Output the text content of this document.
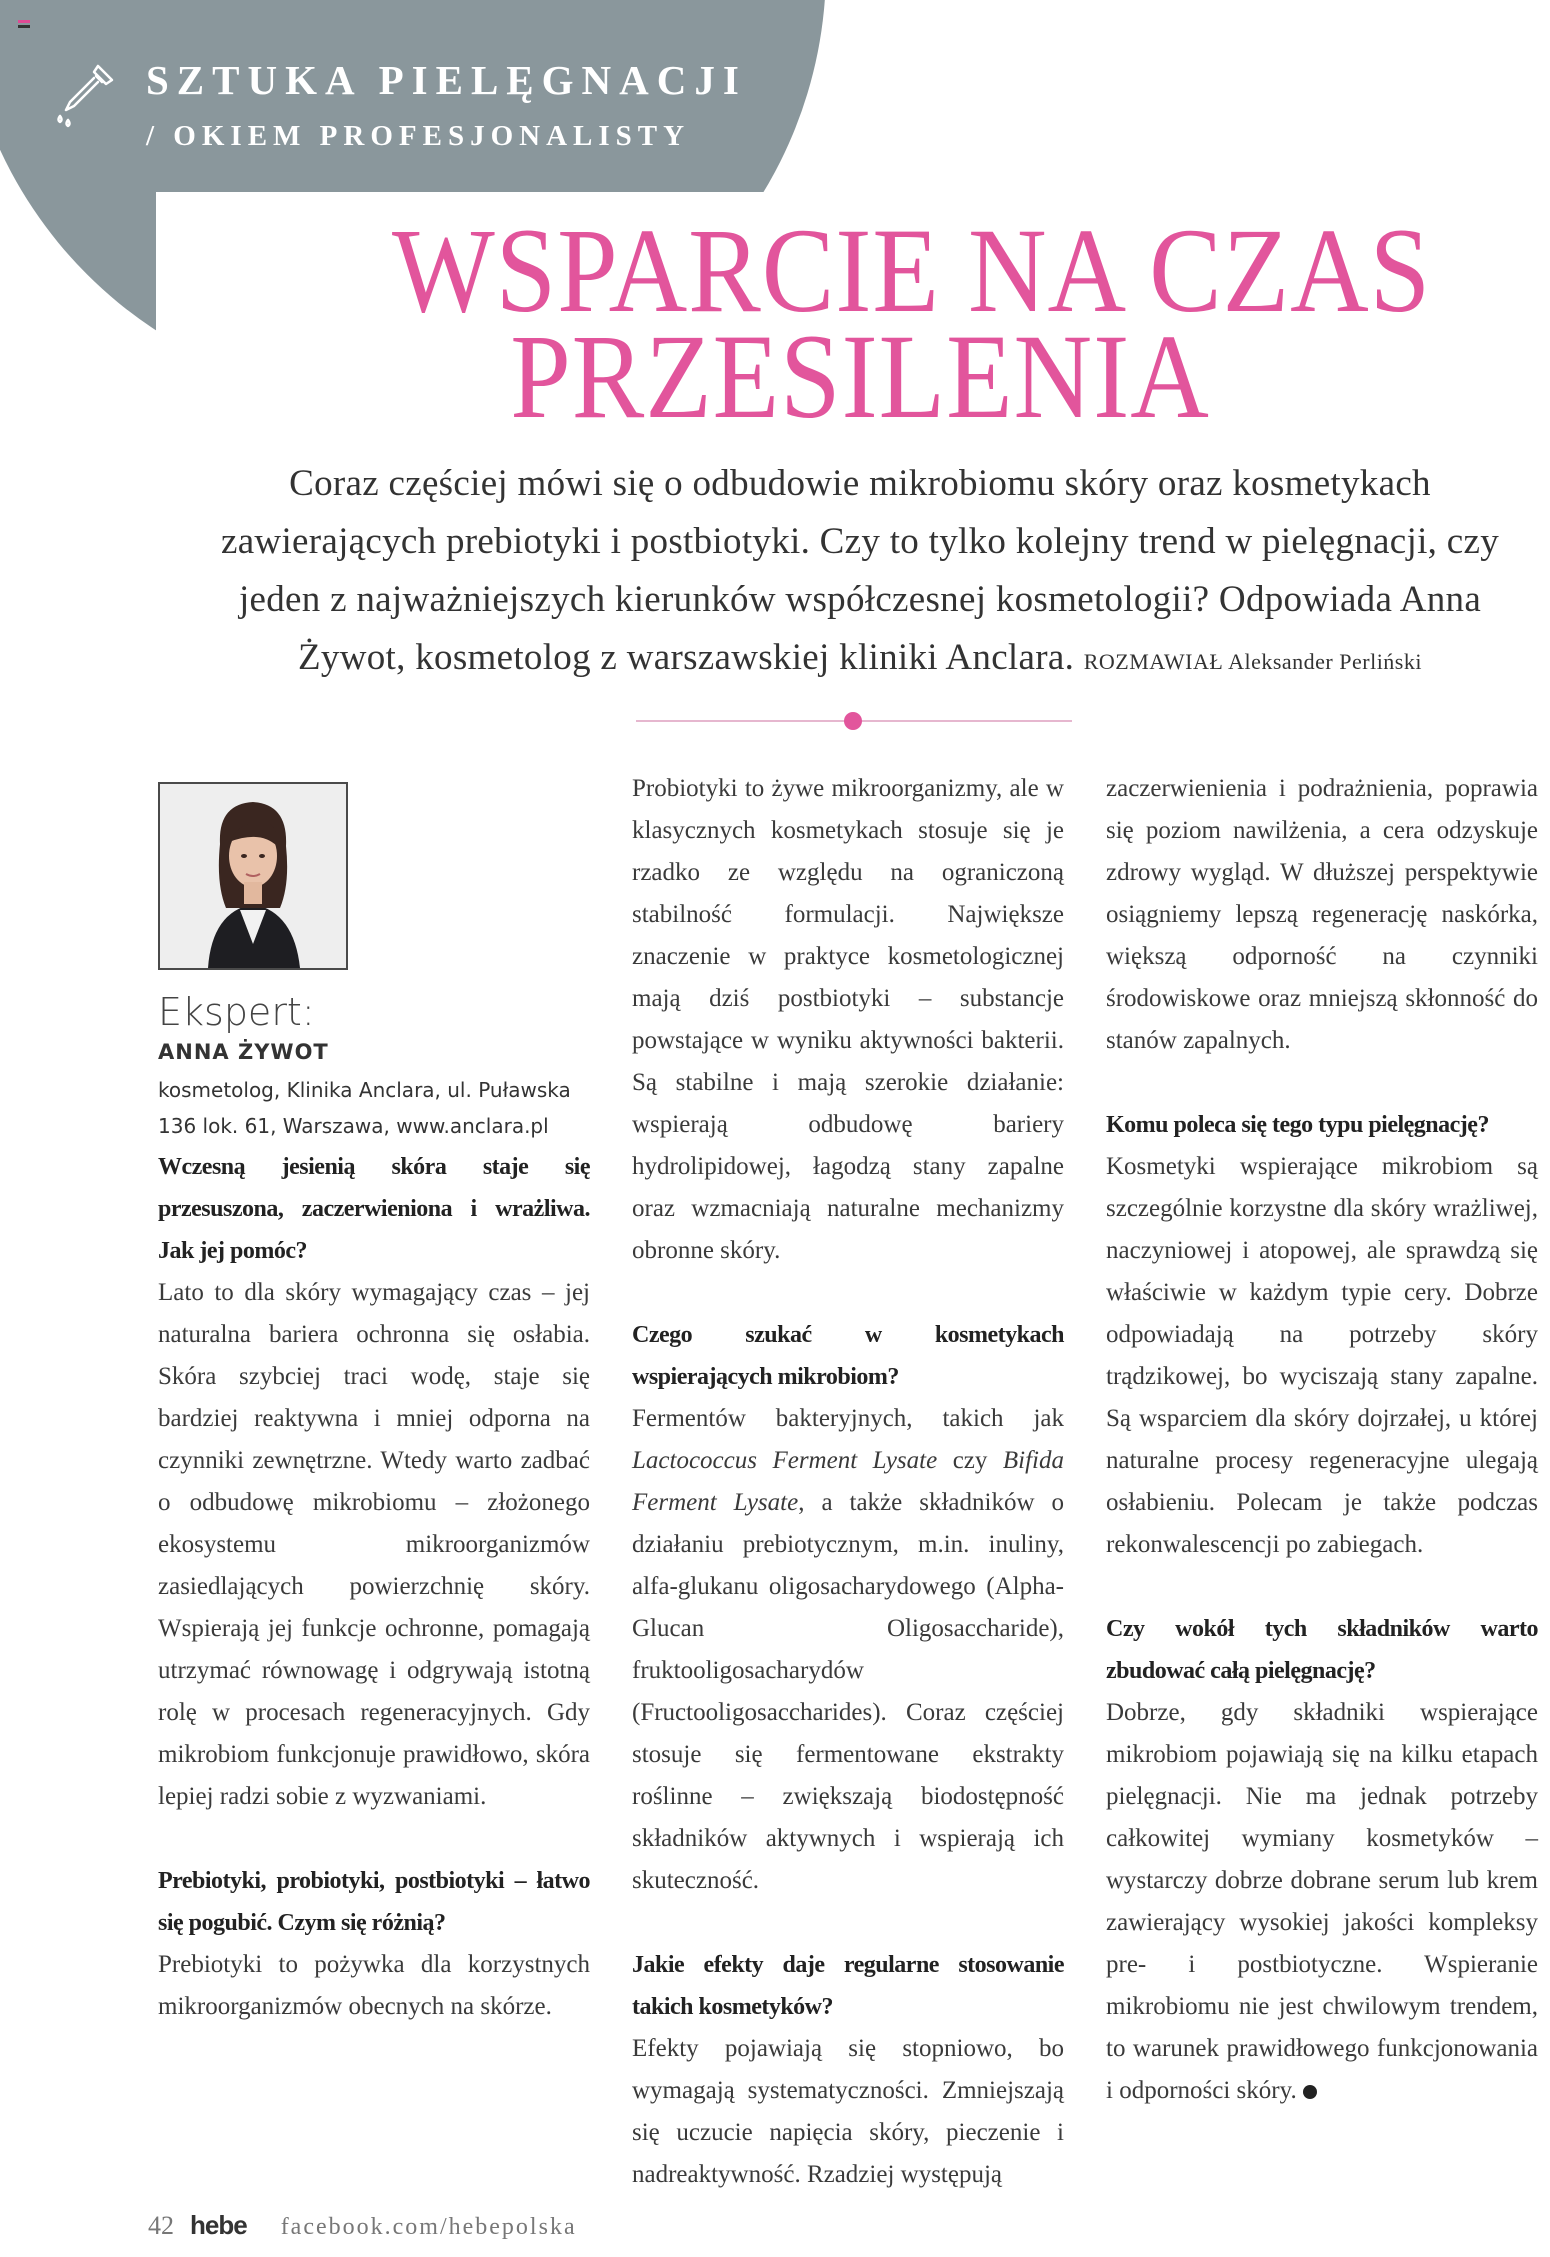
SZTUKA PIELĘGNACJI
/ OKIEM PROFESJONALISTY
WSPARCIE NA CZAS
PRZESILENIA

Coraz częściej mówi się o odbudowie mikrobiomu skóry oraz kosmetykach zawierających prebiotyki i postbiotyki. Czy to tylko kolejny trend w pielęgnacji, czy jeden z najważniejszych kierunków współczesnej kosmetologii? Odpowiada Anna Żywot, kosmetolog z warszawskiej kliniki Anclara. ROZMAWIAŁ Aleksander Perliński

Ekspert:
ANNA ŻYWOT

kosmetolog, Klinika Anclara, ul. Puławska 136 lok. 61, Warszawa, www.anclara.pl

Wczesną jesienią skóra staje się przesuszona, zaczerwieniona i wrażliwa. Jak jej pomóc?

Lato to dla skóry wymagający czas – jej naturalna bariera ochronna się osłabia. Skóra szybciej traci wodę, staje się bardziej reaktywna i mniej odporna na czynniki zewnętrzne. Wtedy warto zadbać o odbudowę mikrobiomu – złożonego ekosystemu mikroorganizmów zasiedlających powierzchnię skóry. Wspierają jej funkcje ochronne, pomagają utrzymać równowagę i odgrywają istotną rolę w procesach regeneracyjnych. Gdy mikrobiom funkcjonuje prawidłowo, skóra lepiej radzi sobie z wyzwaniami.

Prebiotyki, probiotyki, postbiotyki – łatwo się pogubić. Czym się różnią?

Prebiotyki to pożywka dla korzystnych mikroorganizmów obecnych na skórze.

Probiotyki to żywe mikroorganizmy, ale w klasycznych kosmetykach stosuje się je rzadko ze względu na ograniczoną stabilność formulacji. Największe znaczenie w praktyce kosmetologicznej mają dziś postbiotyki – substancje powstające w wyniku aktywności bakterii. Są stabilne i mają szerokie działanie: wspierają odbudowę bariery hydrolipidowej, łagodzą stany zapalne oraz wzmacniają naturalne mechanizmy obronne skóry.

Czego szukać w kosmetykach wspierających mikrobiom?

Fermentów bakteryjnych, takich jak Lactococcus Ferment Lysate czy Bifida Ferment Lysate, a także składników o działaniu prebiotycznym, m.in. inuliny, alfa-glukanu oligosacharydowego (Alpha-Glucan Oligosaccharide), fruktooligosacharydów (Fructooligosaccharides). Coraz częściej stosuje się fermentowane ekstrakty roślinne – zwiększają biodostępność składników aktywnych i wspierają ich skuteczność.

Jakie efekty daje regularne stosowanie takich kosmetyków?

Efekty pojawiają się stopniowo, bo wymagają systematyczności. Zmniejszają się uczucie napięcia skóry, pieczenie i nadreaktywność. Rzadziej występują

zaczerwienienia i podrażnienia, poprawia się poziom nawilżenia, a cera odzyskuje zdrowy wygląd. W dłuższej perspektywie osiągniemy lepszą regenerację naskórka, większą odporność na czynniki środowiskowe oraz mniejszą skłonność do stanów zapalnych.

Komu poleca się tego typu pielęgnację?

Kosmetyki wspierające mikrobiom są szczególnie korzystne dla skóry wrażliwej, naczyniowej i atopowej, ale sprawdzą się właściwie w każdym typie cery. Dobrze odpowiadają na potrzeby skóry trądzikowej, bo wyciszają stany zapalne. Są wsparciem dla skóry dojrzałej, u której naturalne procesy regeneracyjne ulegają osłabieniu. Polecam je także podczas rekonwalescencji po zabiegach.

Czy wokół tych składników warto zbudować całą pielęgnację?

Dobrze, gdy składniki wspierające mikrobiom pojawiają się na kilku etapach pielęgnacji. Nie ma jednak potrzeby całkowitej wymiany kosmetyków – wystarczy dobrze dobrane serum lub krem zawierający wysokiej jakości kompleksy pre- i postbiotyczne. Wspieranie mikrobiomu nie jest chwilowym trendem, to warunek prawidłowego funkcjonowania i odporności skóry.

42 hebe facebook.com/hebepolska
